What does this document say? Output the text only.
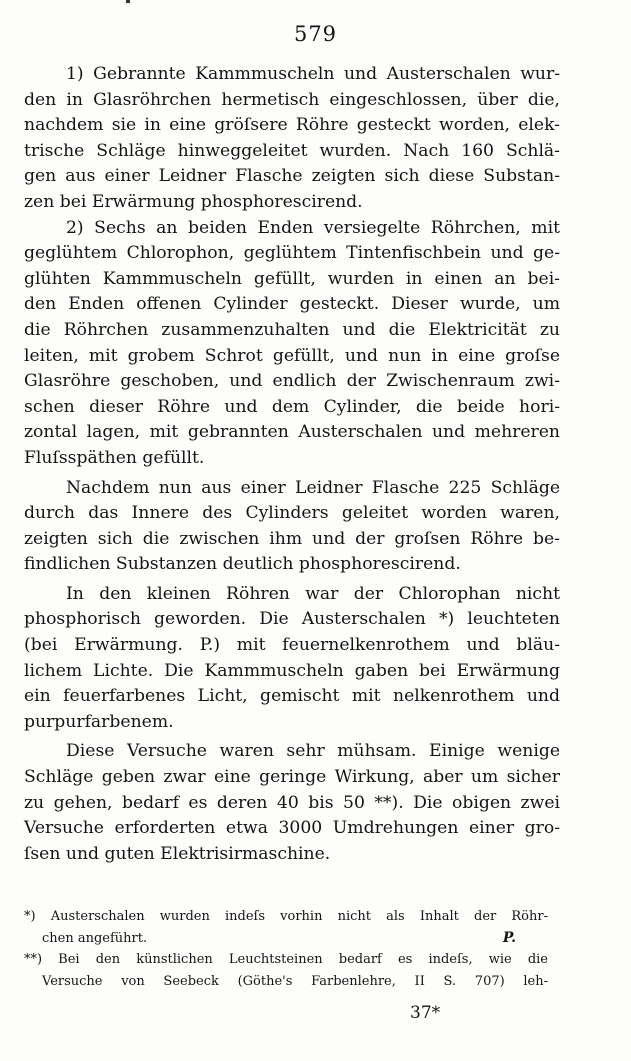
579
1) Gebrannte Kammmuscheln und Austerschalen wur-
den in Glasröhrchen hermetisch eingeschlossen, über die,
nachdem sie in eine gröſsere Röhre gesteckt worden, elek-
trische Schläge hinweggeleitet wurden. Nach 160 Schlä-
gen aus einer Leidner Flasche zeigten sich diese Substan-
zen bei Erwärmung phosphorescirend.
2) Sechs an beiden Enden versiegelte Röhrchen, mit
geglühtem Chlorophon, geglühtem Tintenfischbein und ge-
glühten Kammmuscheln gefüllt, wurden in einen an bei-
den Enden offenen Cylinder gesteckt. Dieser wurde, um
die Röhrchen zusammenzuhalten und die Elektricität zu
leiten, mit grobem Schrot gefüllt, und nun in eine groſse
Glasröhre geschoben, und endlich der Zwischenraum zwi-
schen dieser Röhre und dem Cylinder, die beide hori-
zontal lagen, mit gebrannten Austerschalen und mehreren
Fluſsspäthen gefüllt.
Nachdem nun aus einer Leidner Flasche 225 Schläge
durch das Innere des Cylinders geleitet worden waren,
zeigten sich die zwischen ihm und der groſsen Röhre be-
findlichen Substanzen deutlich phosphorescirend.
In den kleinen Röhren war der Chlorophan nicht
phosphorisch geworden. Die Austerschalen *) leuchteten
(bei Erwärmung. P.) mit feuernelkenrothem und bläu-
lichem Lichte. Die Kammmuscheln gaben bei Erwärmung
ein feuerfarbenes Licht, gemischt mit nelkenrothem und
purpurfarbenem.
Diese Versuche waren sehr mühsam. Einige wenige
Schläge geben zwar eine geringe Wirkung, aber um sicher
zu gehen, bedarf es deren 40 bis 50 **). Die obigen zwei
Versuche erforderten etwa 3000 Umdrehungen einer gro-
ſsen und guten Elektrisirmaschine.
*) Austerschalen wurden indeſs vorhin nicht als Inhalt der Röhr-
chen angeführt.	P.
**) Bei den künstlichen Leuchtsteinen bedarf es indeſs, wie die
Versuche von Seebeck (Göthe's Farbenlehre, II S. 707) leh-
37*
